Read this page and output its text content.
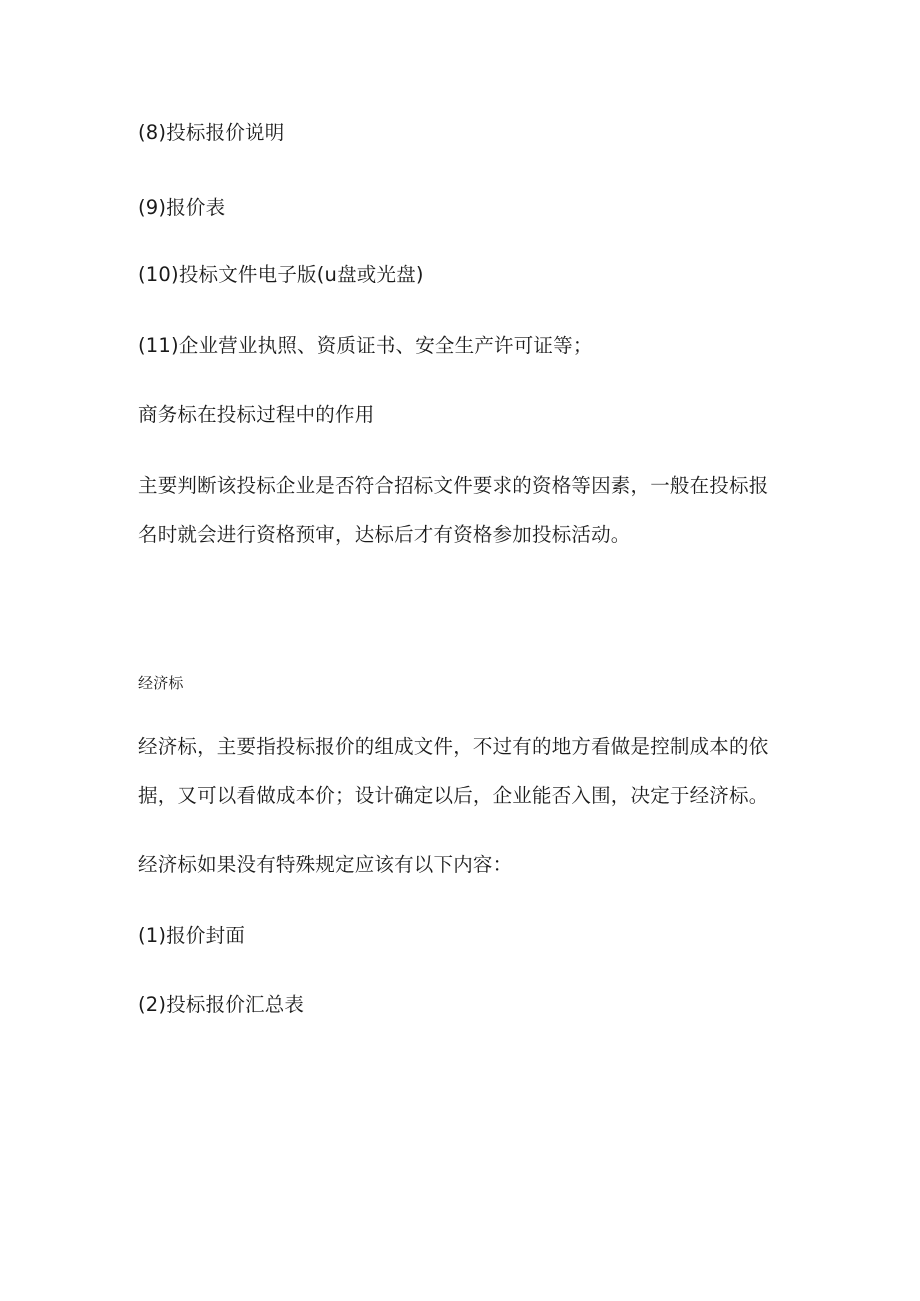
(8)投标报价说明
(9)报价表
(10)投标文件电子版(u盘或光盘)
(11)企业营业执照、资质证书、安全生产许可证等；
商务标在投标过程中的作用
主要判断该投标企业是否符合招标文件要求的资格等因素，一般在投标报
名时就会进行资格预审，达标后才有资格参加投标活动。
经济标
经济标，主要指投标报价的组成文件，不过有的地方看做是控制成本的依
据，又可以看做成本价；设计确定以后，企业能否入围，决定于经济标。
经济标如果没有特殊规定应该有以下内容：
(1)报价封面
(2)投标报价汇总表
